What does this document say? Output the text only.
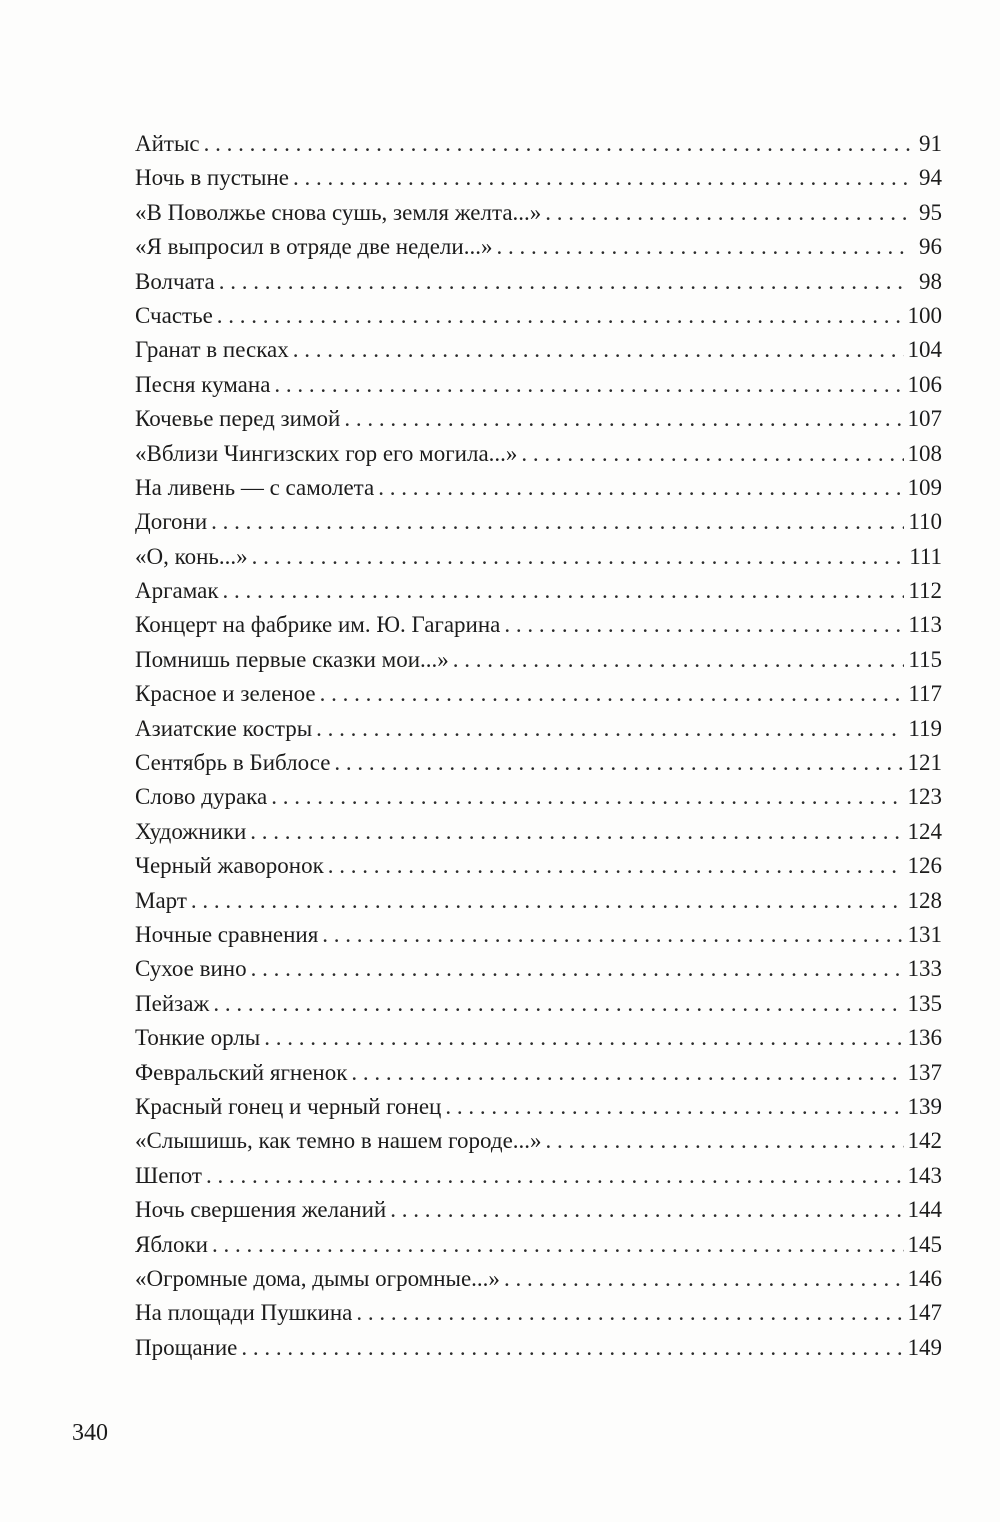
Айтыс . . .	91
Ночь в пустыне . . .	94
«В Поволжье снова сушь, земля желта...» . . .	95
«Я выпросил в отряде две недели...» . . .	96
Волчата . . .	98
Счастье . . .	100
Гранат в песках . . .	104
Песня кумана . . .	106
Кочевье перед зимой . . .	107
«Вблизи Чингизских гор его могила...» . . .	108
На ливень — с самолета . . .	109
Догони . . .	110
«О, конь...» . . .	111
Аргамак . . .	112
Концерт на фабрике им. Ю. Гагарина . . .	113
Помнишь первые сказки мои...» . . .	115
Красное и зеленое . . .	117
Азиатские костры . . .	119
Сентябрь в Библосе . . .	121
Слово дурака . . .	123
Художники . . .	124
Черный жаворонок . . .	126
Март . . .	128
Ночные сравнения . . .	131
Сухое вино . . .	133
Пейзаж . . .	135
Тонкие орлы . . .	136
Февральский ягненок . . .	137
Красный гонец и черный гонец . . .	139
«Слышишь, как темно в нашем городе...» . . .	142
Шепот . . .	143
Ночь свершения желаний . . .	144
Яблоки . . .	145
«Огромные дома, дымы огромные...» . . .	146
На площади Пушкина . . .	147
Прощание . . .	149
340
